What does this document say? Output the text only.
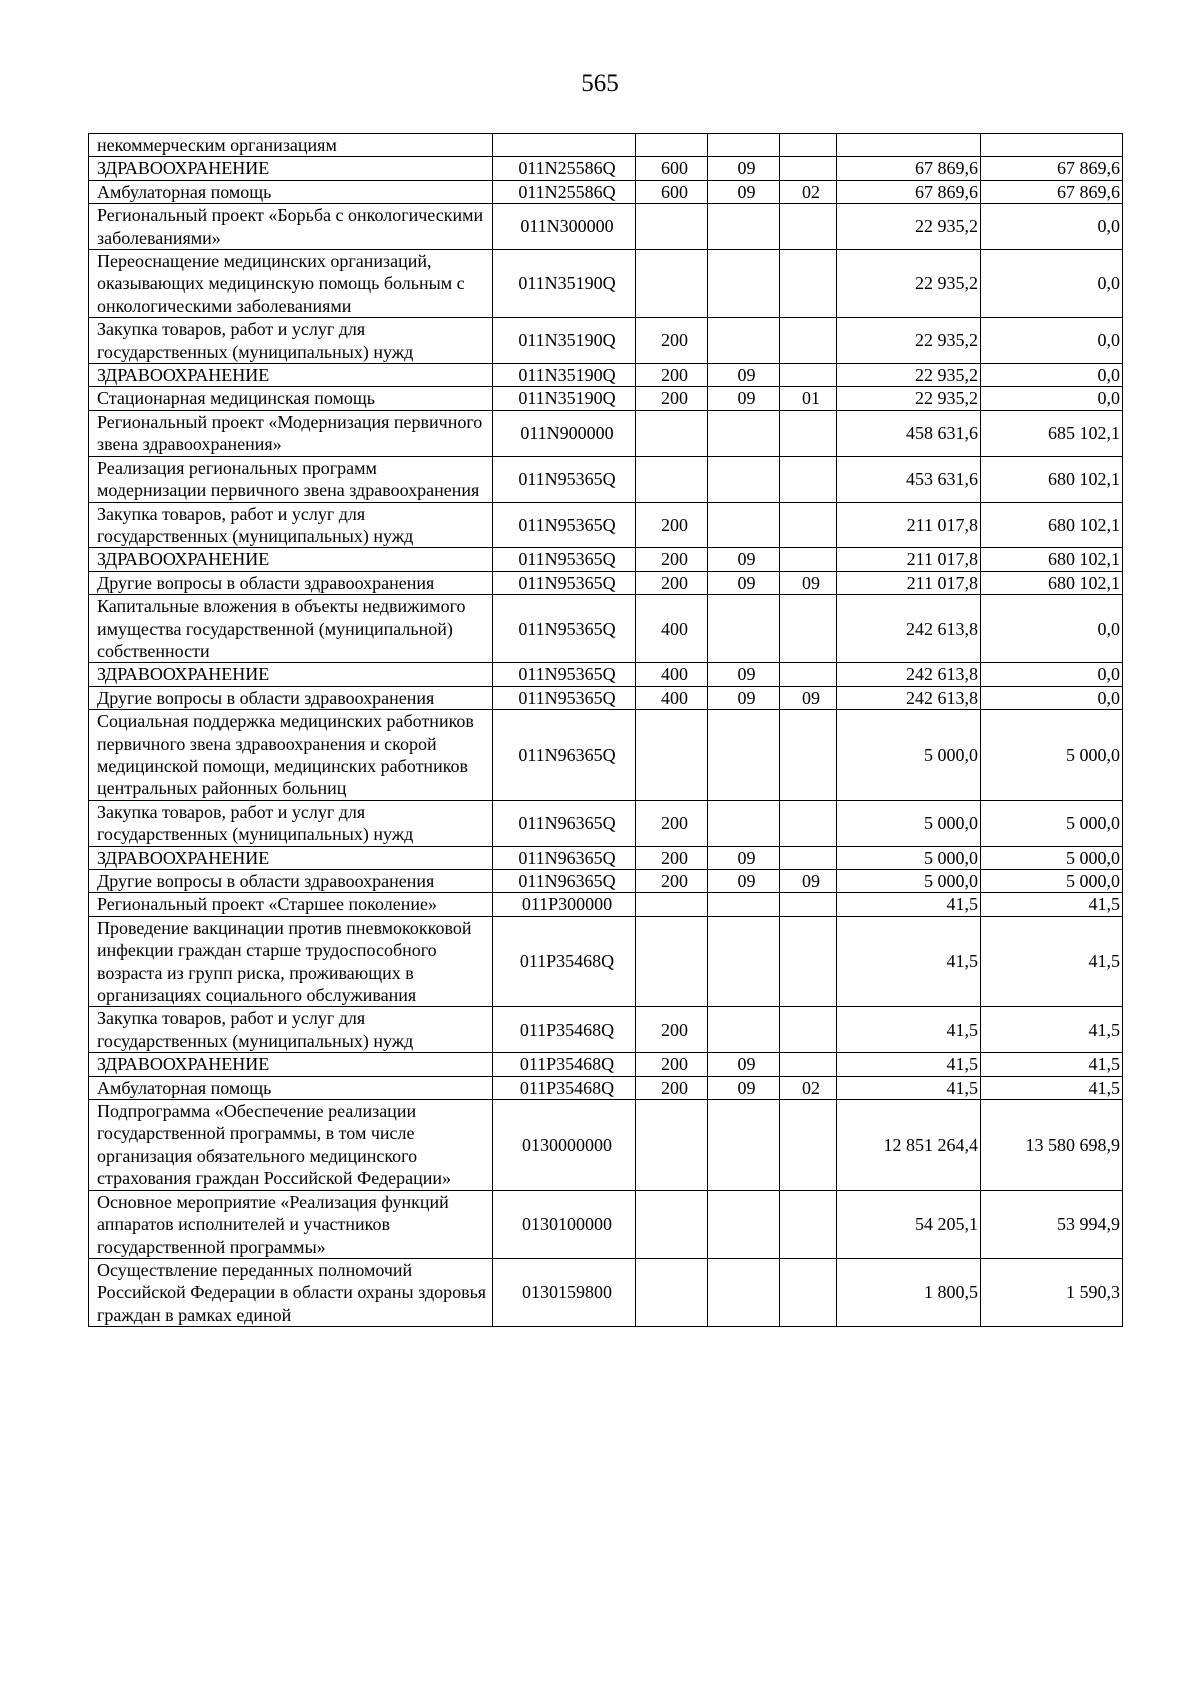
565
некоммерческим организациям						
ЗДРАВООХРАНЕНИЕ	011N25586Q	600	09		67 869,6	67 869,6
Амбулаторная помощь	011N25586Q	600	09	02	67 869,6	67 869,6
Региональный проект «Борьба с онкологическими заболеваниями»	011N300000				22 935,2	0,0
Переоснащение медицинских организаций, оказывающих медицинскую помощь больным с онкологическими заболеваниями	011N35190Q				22 935,2	0,0
Закупка товаров, работ и услуг для государственных (муниципальных) нужд	011N35190Q	200			22 935,2	0,0
ЗДРАВООХРАНЕНИЕ	011N35190Q	200	09		22 935,2	0,0
Стационарная медицинская помощь	011N35190Q	200	09	01	22 935,2	0,0
Региональный проект «Модернизация первичного звена здравоохранения»	011N900000				458 631,6	685 102,1
Реализация региональных программ модернизации первичного звена здравоохранения	011N95365Q				453 631,6	680 102,1
Закупка товаров, работ и услуг для государственных (муниципальных) нужд	011N95365Q	200			211 017,8	680 102,1
ЗДРАВООХРАНЕНИЕ	011N95365Q	200	09		211 017,8	680 102,1
Другие вопросы в области здравоохранения	011N95365Q	200	09	09	211 017,8	680 102,1
Капитальные вложения в объекты недвижимого имущества государственной (муниципальной) собственности	011N95365Q	400			242 613,8	0,0
ЗДРАВООХРАНЕНИЕ	011N95365Q	400	09		242 613,8	0,0
Другие вопросы в области здравоохранения	011N95365Q	400	09	09	242 613,8	0,0
Социальная поддержка медицинских работников первичного звена здравоохранения и скорой медицинской помощи, медицинских работников центральных районных больниц	011N96365Q				5 000,0	5 000,0
Закупка товаров, работ и услуг для государственных (муниципальных) нужд	011N96365Q	200			5 000,0	5 000,0
ЗДРАВООХРАНЕНИЕ	011N96365Q	200	09		5 000,0	5 000,0
Другие вопросы в области здравоохранения	011N96365Q	200	09	09	5 000,0	5 000,0
Региональный проект «Старшее поколение»	011P300000				41,5	41,5
Проведение вакцинации против пневмококковой инфекции граждан старше трудоспособного возраста из групп риска, проживающих в организациях социального обслуживания	011P35468Q				41,5	41,5
Закупка товаров, работ и услуг для государственных (муниципальных) нужд	011P35468Q	200			41,5	41,5
ЗДРАВООХРАНЕНИЕ	011P35468Q	200	09		41,5	41,5
Амбулаторная помощь	011P35468Q	200	09	02	41,5	41,5
Подпрограмма «Обеспечение реализации государственной программы, в том числе организация обязательного медицинского страхования граждан Российской Федерации»	0130000000				12 851 264,4	13 580 698,9
Основное мероприятие «Реализация функций аппаратов исполнителей и участников государственной программы»	0130100000				54 205,1	53 994,9
Осуществление переданных полномочий Российской Федерации в области охраны здоровья граждан в рамках единой	0130159800				1 800,5	1 590,3
